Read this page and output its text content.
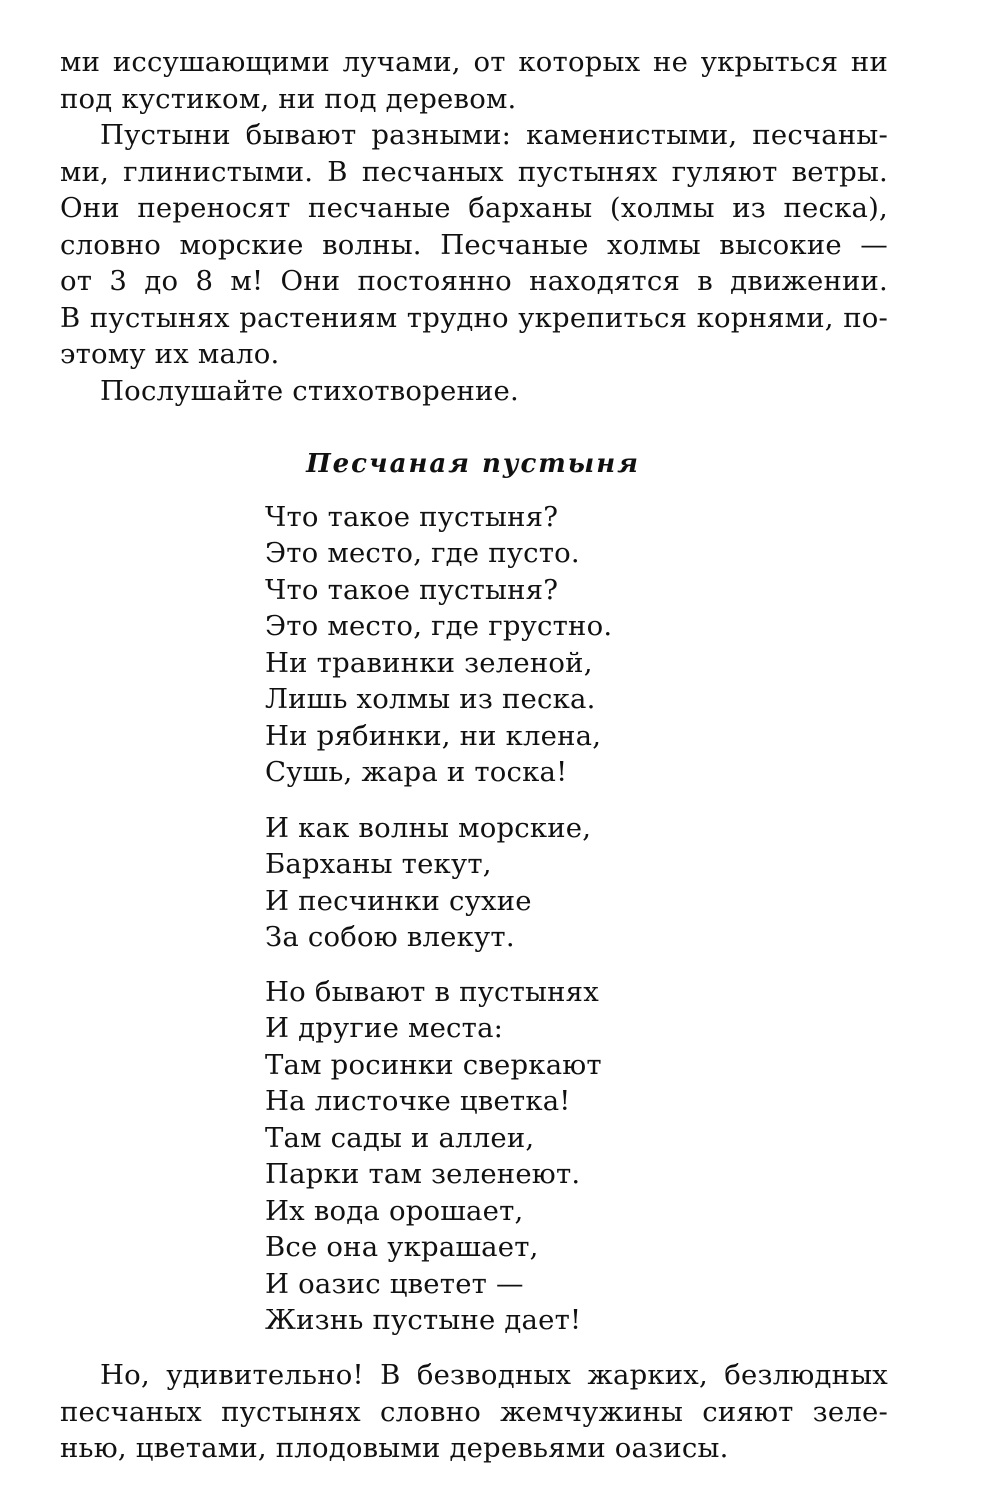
ми иссушающими лучами, от которых не укрыться ни
под кустиком, ни под деревом.
Пустыни бывают разными: каменистыми, песчаны-
ми, глинистыми. В песчаных пустынях гуляют ветры.
Они переносят песчаные барханы (холмы из песка),
словно морские волны. Песчаные холмы высокие —
от 3 до 8 м! Они постоянно находятся в движении.
В пустынях растениям трудно укрепиться корнями, по-
этому их мало.
Послушайте стихотворение.
Песчаная пустыня
Что такое пустыня?
Это место, где пусто.
Что такое пустыня?
Это место, где грустно.
Ни травинки зеленой,
Лишь холмы из песка.
Ни рябинки, ни клена,
Сушь, жара и тоска!
И как волны морские,
Барханы текут,
И песчинки сухие
За собою влекут.
Но бывают в пустынях
И другие места:
Там росинки сверкают
На листочке цветка!
Там сады и аллеи,
Парки там зеленеют.
Их вода орошает,
Все она украшает,
И оазис цветет —
Жизнь пустыне дает!
Но, удивительно! В безводных жарких, безлюдных
песчаных пустынях словно жемчужины сияют зеле-
нью, цветами, плодовыми деревьями оазисы.
